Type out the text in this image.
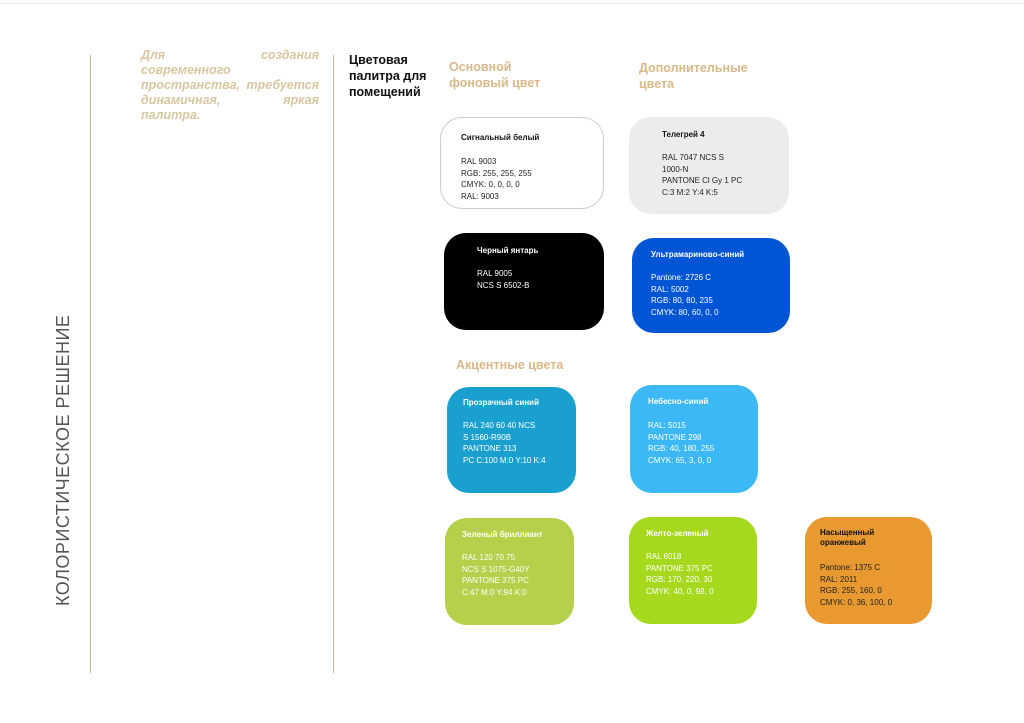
КОЛОРИСТИЧЕСКОЕ РЕШЕНИЕ
Для создания современного пространства, требуется динамичная, яркая палитра.
Цветовая палитра для помещений
Основной фоновый цвет
Дополнительные цвета
Акцентные цвета
Сигнальный белый
RAL 9003
RGB: 255, 255, 255
CMYK: 0, 0, 0, 0
RAL: 9003
Телегрей 4
RAL 7047 NCS S
1000-N
PANTONE Cl Gy 1 PC
C:3 M:2 Y:4 K:5
Черный янтарь
RAL 9005
NCS S 6502-B
Ультрамариново-синий
Pantone: 2726 C
RAL: 5002
RGB: 80, 80, 235
CMYK: 80, 60, 0, 0
Прозрачный синий
RAL 240 60 40 NCS
S 1560-R90B
PANTONE 313
PC C:100 M:0 Y:10 K:4
Небесно-синий
RAL: 5015
PANTONE 298
RGB: 40, 180, 255
CMYK: 65, 3, 0, 0
Зеленый бриллиант
RAL 120 70 75
NCS S 1075-G40Y
PANTONE 375 PC
C:47 M:0 Y:94 K:0
Желто-зеленый
RAL 6018
PANTONE 375 PC
RGB: 170, 220, 30
CMYK: 40, 0, 98, 0
Насыщенный оранжевый
Pantone: 1375 C
RAL: 2011
RGB: 255, 160, 0
CMYK: 0, 36, 100, 0
